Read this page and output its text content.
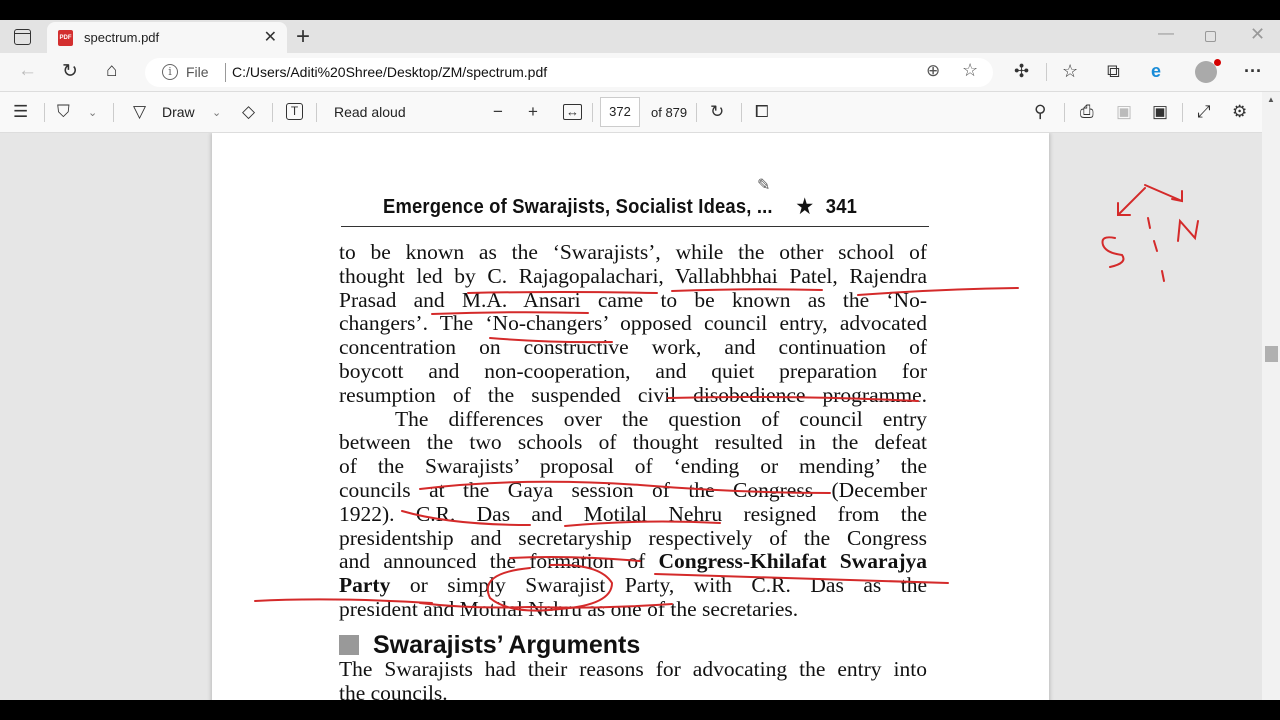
PDF spectrum.pdf	✕ +	—	✕
← ↻ ⌂	i	File C:/Users/Aditi%20Shree/Desktop/ZM/spectrum.pdf	⊕ ☆ ✣ ☆ ⧉ e	···
☰ ⛉ ⌄ ▽ Draw ⌄ ◇	T	Read aloud	− + ↔	372	of 879 ↻ ⧠	⚲ ⎙ ▣ ▣ ⤢ ⚙
Emergence of Swarajists, Socialist Ideas, ... ★ 341
to be known as the ‘Swarajists’, while the other school of
thought led by C. Rajagopalachari, Vallabhbhai Patel, Rajendra
Prasad and M.A. Ansari came to be known as the ‘No-
changers’. The ‘No-changers’ opposed council entry, advocated
concentration on constructive work, and continuation of
boycott and non-cooperation, and quiet preparation for
resumption of the suspended civil disobedience programme.
The differences over the question of council entry
between the two schools of thought resulted in the defeat
of the Swarajists’ proposal of ‘ending or mending’ the
councils at the Gaya session of the Congress (December
1922). C.R. Das and Motilal Nehru resigned from the
presidentship and secretaryship respectively of the Congress
and announced the formation of Congress-Khilafat Swarajya
Party or simply Swarajist Party, with C.R. Das as the
president and Motilal Nehru as one of the secretaries.
Swarajists’ Arguments
The Swarajists had their reasons for advocating the entry into
the councils.
✎
▲
